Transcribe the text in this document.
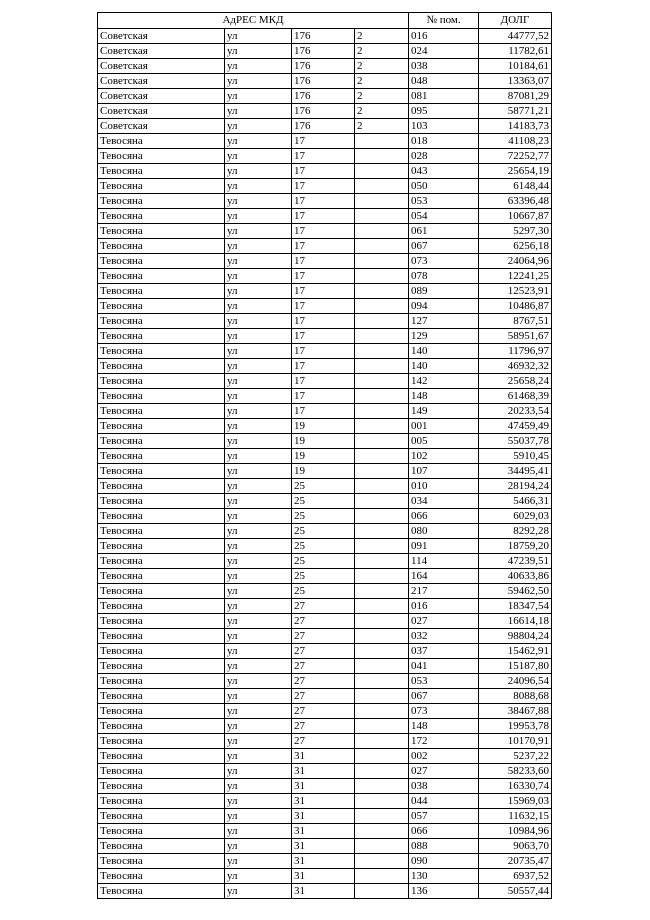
АдРЕС МКД				№ пом.	ДОЛГ
Советская	ул	176	2	016	44777,52
Советская	ул	176	2	024	11782,61
Советская	ул	176	2	038	10184,61
Советская	ул	176	2	048	13363,07
Советская	ул	176	2	081	87081,29
Советская	ул	176	2	095	58771,21
Советская	ул	176	2	103	14183,73
Тевосяна	ул	17		018	41108,23
Тевосяна	ул	17		028	72252,77
Тевосяна	ул	17		043	25654,19
Тевосяна	ул	17		050	6148,44
Тевосяна	ул	17		053	63396,48
Тевосяна	ул	17		054	10667,87
Тевосяна	ул	17		061	5297,30
Тевосяна	ул	17		067	6256,18
Тевосяна	ул	17		073	24064,96
Тевосяна	ул	17		078	12241,25
Тевосяна	ул	17		089	12523,91
Тевосяна	ул	17		094	10486,87
Тевосяна	ул	17		127	8767,51
Тевосяна	ул	17		129	58951,67
Тевосяна	ул	17		140	11796,97
Тевосяна	ул	17		140	46932,32
Тевосяна	ул	17		142	25658,24
Тевосяна	ул	17		148	61468,39
Тевосяна	ул	17		149	20233,54
Тевосяна	ул	19		001	47459,49
Тевосяна	ул	19		005	55037,78
Тевосяна	ул	19		102	5910,45
Тевосяна	ул	19		107	34495,41
Тевосяна	ул	25		010	28194,24
Тевосяна	ул	25		034	5466,31
Тевосяна	ул	25		066	6029,03
Тевосяна	ул	25		080	8292,28
Тевосяна	ул	25		091	18759,20
Тевосяна	ул	25		114	47239,51
Тевосяна	ул	25		164	40633,86
Тевосяна	ул	25		217	59462,50
Тевосяна	ул	27		016	18347,54
Тевосяна	ул	27		027	16614,18
Тевосяна	ул	27		032	98804,24
Тевосяна	ул	27		037	15462,91
Тевосяна	ул	27		041	15187,80
Тевосяна	ул	27		053	24096,54
Тевосяна	ул	27		067	8088,68
Тевосяна	ул	27		073	38467,88
Тевосяна	ул	27		148	19953,78
Тевосяна	ул	27		172	10170,91
Тевосяна	ул	31		002	5237,22
Тевосяна	ул	31		027	58233,60
Тевосяна	ул	31		038	16330,74
Тевосяна	ул	31		044	15969,03
Тевосяна	ул	31		057	11632,15
Тевосяна	ул	31		066	10984,96
Тевосяна	ул	31		088	9063,70
Тевосяна	ул	31		090	20735,47
Тевосяна	ул	31		130	6937,52
Тевосяна	ул	31		136	50557,44
